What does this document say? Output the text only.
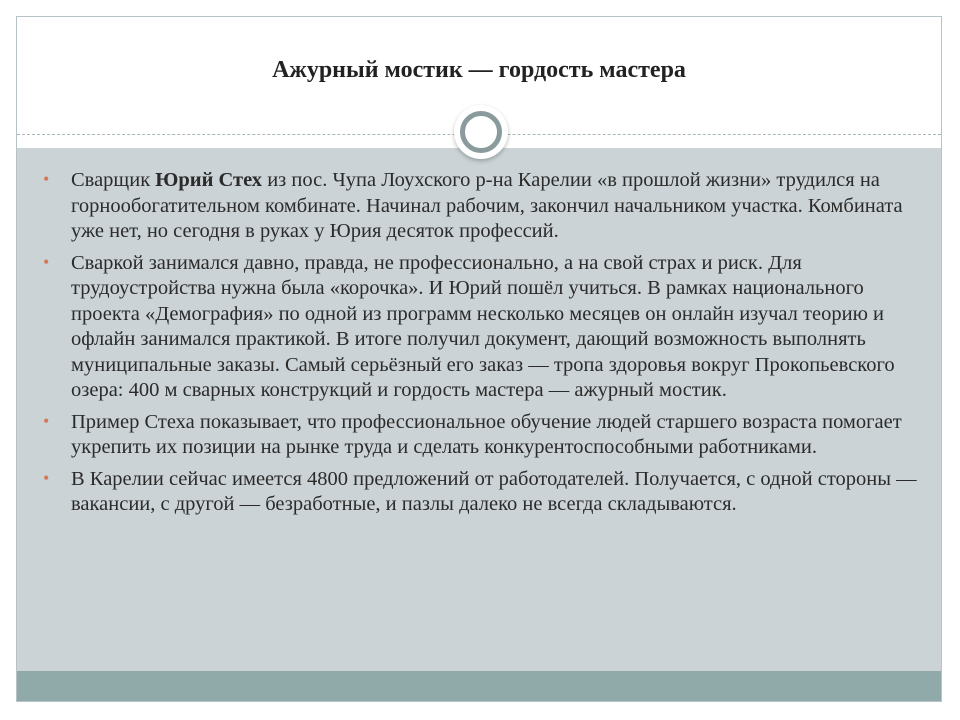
Ажурный мостик — гордость мастера
• Сварщик Юрий Стех из пос. Чупа Лоухского р-на Карелии «в прошлой жизни» трудился на горнообогатительном комбинате. Начинал рабочим, закончил начальником участка. Комбината уже нет, но сегодня в руках у Юрия десяток профессий.
• Сваркой занимался давно, правда, не профессионально, а на свой страх и риск. Для трудоустройства нужна была «корочка». И Юрий пошёл учиться. В рамках национального проекта «Демография» по одной из программ несколько месяцев он онлайн изучал теорию и офлайн занимался практикой. В итоге получил документ, дающий возможность выполнять муниципальные заказы. Самый серьёзный его заказ — тропа здоровья вокруг Прокопьевского озера: 400 м сварных конструкций и гордость мастера — ажурный мостик.
• Пример Стеха показывает, что профессиональное обучение людей старшего возраста помогает укрепить их позиции на рынке труда и сделать конкурентоспособными работниками.
• В Карелии сейчас имеется 4800 предложений от работодателей. Получается, с одной стороны — вакансии, с другой — безработные, и пазлы далеко не всегда складываются.
